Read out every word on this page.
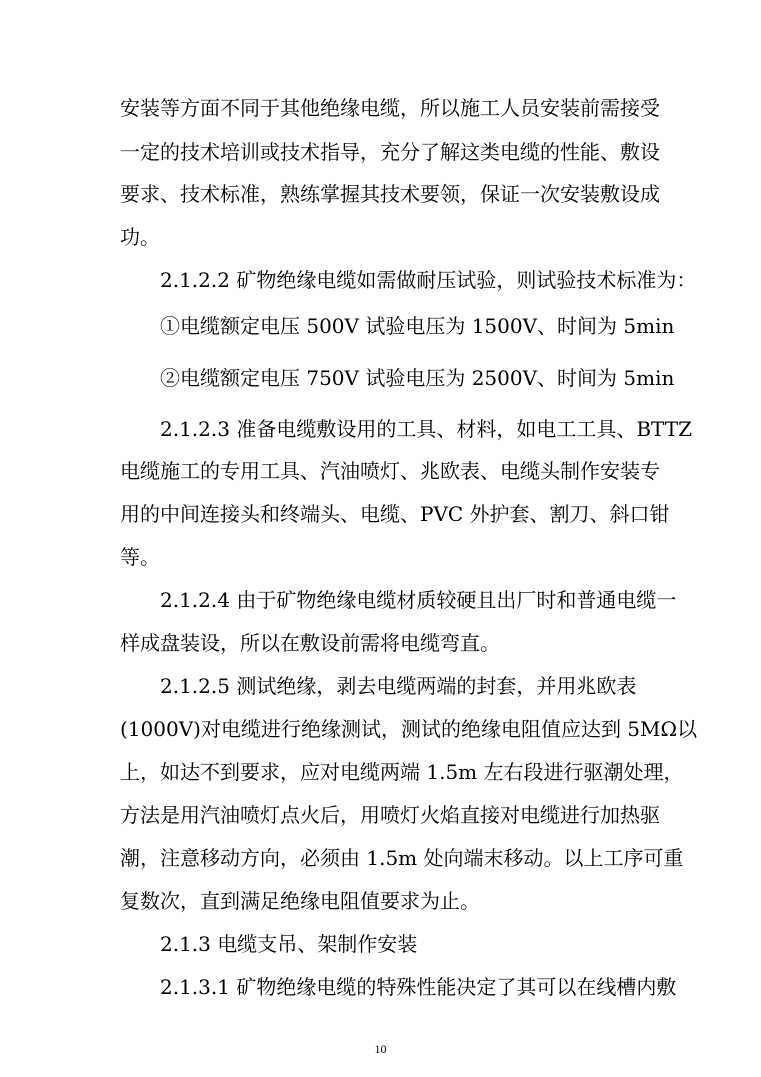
安装等方面不同于其他绝缘电缆，所以施工人员安装前需接受
一定的技术培训或技术指导，充分了解这类电缆的性能、敷设
要求、技术标准，熟练掌握其技术要领，保证一次安装敷设成
功。
2.1.2.2 矿物绝缘电缆如需做耐压试验，则试验技术标准为：
①电缆额定电压 500V 试验电压为 1500V、时间为 5min
②电缆额定电压 750V 试验电压为 2500V、时间为 5min
2.1.2.3 准备电缆敷设用的工具、材料，如电工工具、BTTZ
电缆施工的专用工具、汽油喷灯、兆欧表、电缆头制作安装专
用的中间连接头和终端头、电缆、PVC 外护套、割刀、斜口钳
等。
2.1.2.4 由于矿物绝缘电缆材质较硬且出厂时和普通电缆一
样成盘装设，所以在敷设前需将电缆弯直。
2.1.2.5 测试绝缘，剥去电缆两端的封套，并用兆欧表
(1000V)对电缆进行绝缘测试，测试的绝缘电阻值应达到 5MΩ以
上，如达不到要求，应对电缆两端 1.5m 左右段进行驱潮处理，
方法是用汽油喷灯点火后，用喷灯火焰直接对电缆进行加热驱
潮，注意移动方向，必须由 1.5m 处向端末移动。以上工序可重
复数次，直到满足绝缘电阻值要求为止。
2.1.3 电缆支吊、架制作安装
2.1.3.1 矿物绝缘电缆的特殊性能决定了其可以在线槽内敷
10
